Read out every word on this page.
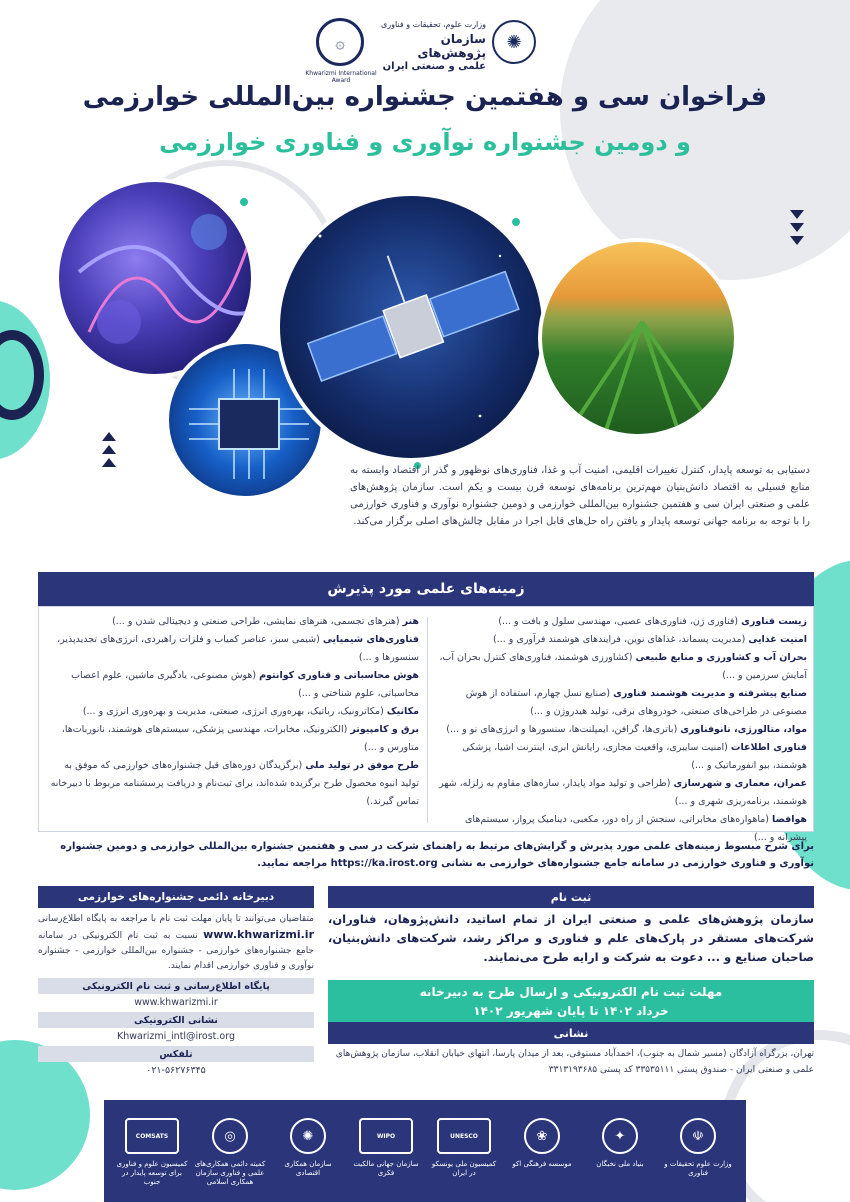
✺
وزارت علوم، تحقیقات و فناوری
سازمان پژوهش‌های
علمی و صنعتی ایران
۞
Khwarizmi International Award
فراخوان سی و هفتمین جشنواره بین‌المللی خوارزمی
و دومین جشنواره نوآوری و فناوری خوارزمی
دستیابی به توسعه پایدار، کنترل تغییرات اقلیمی، امنیت آب و غذا، فناوری‌های نوظهور و گذر از اقتصاد وابسته به منابع فسیلی به اقتصاد دانش‌بنیان مهم‌ترین برنامه‌های توسعه قرن بیست و یکم است. سازمان پژوهش‌های علمی و صنعتی ایران سی و هفتمین جشنواره بین‌المللی خوارزمی و دومین جشنواره نوآوری و فناوری خوارزمی را با توجه به برنامه جهانی توسعه پایدار و یافتن راه حل‌های قابل اجرا در مقابل چالش‌های اصلی برگزار می‌کند.
زمینه‌های علمی مورد پذیرش
زیست فناوری (فناوری ژن، فناوری‌های عصبی، مهندسی سلول و بافت و ...)
امنیت غذایی (مدیریت پسماند، غذاهای نوین، فرایندهای هوشمند فرآوری و ...)
بحران آب و کشاورزی و منابع طبیعی (کشاورزی هوشمند، فناوری‌های کنترل بحران آب، آمایش سرزمین و ...)
صنایع پیشرفته و مدیریت هوشمند فناوری (صنایع نسل چهارم، استفاده از هوش مصنوعی در طراحی‌های صنعتی، خودروهای برقی، تولید هیدروژن و ...)
مواد، متالورژی، نانوفناوری (باتری‌ها، گرافن، ایمپلنت‌ها، سنسورها و انرژی‌های نو و ...)
فناوری اطلاعات (امنیت سایبری، واقعیت مجازی، رایانش ابری، اینترنت اشیا، پزشکی هوشمند، بیو انفورماتیک و ...)
عمران، معماری و شهرسازی (طراحی و تولید مواد پایدار، سازه‌های مقاوم به زلزله، شهر هوشمند، برنامه‌ریزی شهری و ...)
هوافضا (ماهواره‌های مخابراتی، سنجش از راه دور، مکعبی، دینامیک پرواز، سیستم‌های پیشرانه و ...)
هنر (هنرهای تجسمی، هنرهای نمایشی، طراحی صنعتی و دیجیتالی شدن و ...)
فناوری‌های شیمیایی (شیمی سبز، عناصر کمیاب و فلزات راهبردی، انرژی‌های تجدیدپذیر، سنسورها و ...)
هوش محاسباتی و فناوری کوانتوم (هوش مصنوعی، یادگیری ماشین، علوم اعصاب محاسباتی، علوم شناختی و ...)
مکانیک (مکاترونیک، رباتیک، بهره‌وری انرژی، صنعتی، مدیریت و بهره‌وری انرژی و ...)
برق و کامپیوتر (الکترونیک، مخابرات، مهندسی پزشکی، سیستم‌های هوشمند، نانوربات‌ها، متاورس و ...)
طرح موفق در تولید ملی (برگزیدگان دوره‌های قبل جشنواره‌های خوارزمی که موفق به تولید انبوه محصول طرح برگزیده شده‌اند، برای ثبت‌نام و دریافت پرسشنامه مربوط با دبیرخانه تماس گیرند.)
برای شرح مبسوط زمینه‌های علمی مورد پذیرش و گرایش‌های مرتبط به راهنمای شرکت در سی و هفتمین جشنواره بین‌المللی خوارزمی و دومین جشنواره نوآوری و فناوری خوارزمی در سامانه جامع جشنواره‌های خوارزمی به نشانی https://ka.irost.org مراجعه نمایید.
ثبت نام
سازمان پژوهش‌های علمی و صنعتی ایران از تمام اساتید، دانش‌پژوهان، فناوران، شرکت‌های مستقر در پارک‌های علم و فناوری و مراکز رشد، شرکت‌های دانش‌بنیان، صاحبان صنایع و ... دعوت به شرکت و ارایه طرح می‌نمایند.
مهلت ثبت نام الکترونیکی و ارسال طرح به دبیرخانه
خرداد ۱۴۰۲ تا پایان شهریور ۱۴۰۲
نشانی
تهران، بزرگراه آزادگان (مسیر شمال به جنوب)، احمدآباد مستوفی، بعد از میدان پارسا، انتهای خیابان انقلاب، سازمان پژوهش‌های علمی و صنعتی ایران - صندوق پستی ۳۳۵۳۵۱۱۱ کد پستی ۳۳۱۳۱۹۳۶۸۵
دبیرخانه دائمی جشنواره‌های خوارزمی
متقاضیان می‌توانند تا پایان مهلت ثبت نام با مراجعه به پایگاه اطلاع‌رسانی www.khwarizmi.ir نسبت به ثبت نام الکترونیکی در سامانه جامع جشنواره‌های خوارزمی - جشنواره بین‌المللی خوارزمی - جشنواره نوآوری و فناوری خوارزمی اقدام نمایند.
پایگاه اطلاع‌رسانی و ثبت نام الکترونیکی
www.khwarizmi.ir
نشانی الکترونیکی
Khwarizmi_intl@irost.org
تلفکس
۰۲۱-۵۶۲۷۶۳۴۵
☫
وزارت علوم تحقیقات و فناوری
✦
بنیاد ملی نخبگان
❀
موسسه فرهنگی اکو
UNESCO
کمیسیون ملی یونسکو در ایران
WIPO
سازمان جهانی مالکیت فکری
✺
سازمان همکاری اقتصادی
◎
کمیته دائمی همکاری‌های علمی و فناوری سازمان همکاری اسلامی
COMSATS
کمیسیون علوم و فناوری برای توسعه پایدار در جنوب
